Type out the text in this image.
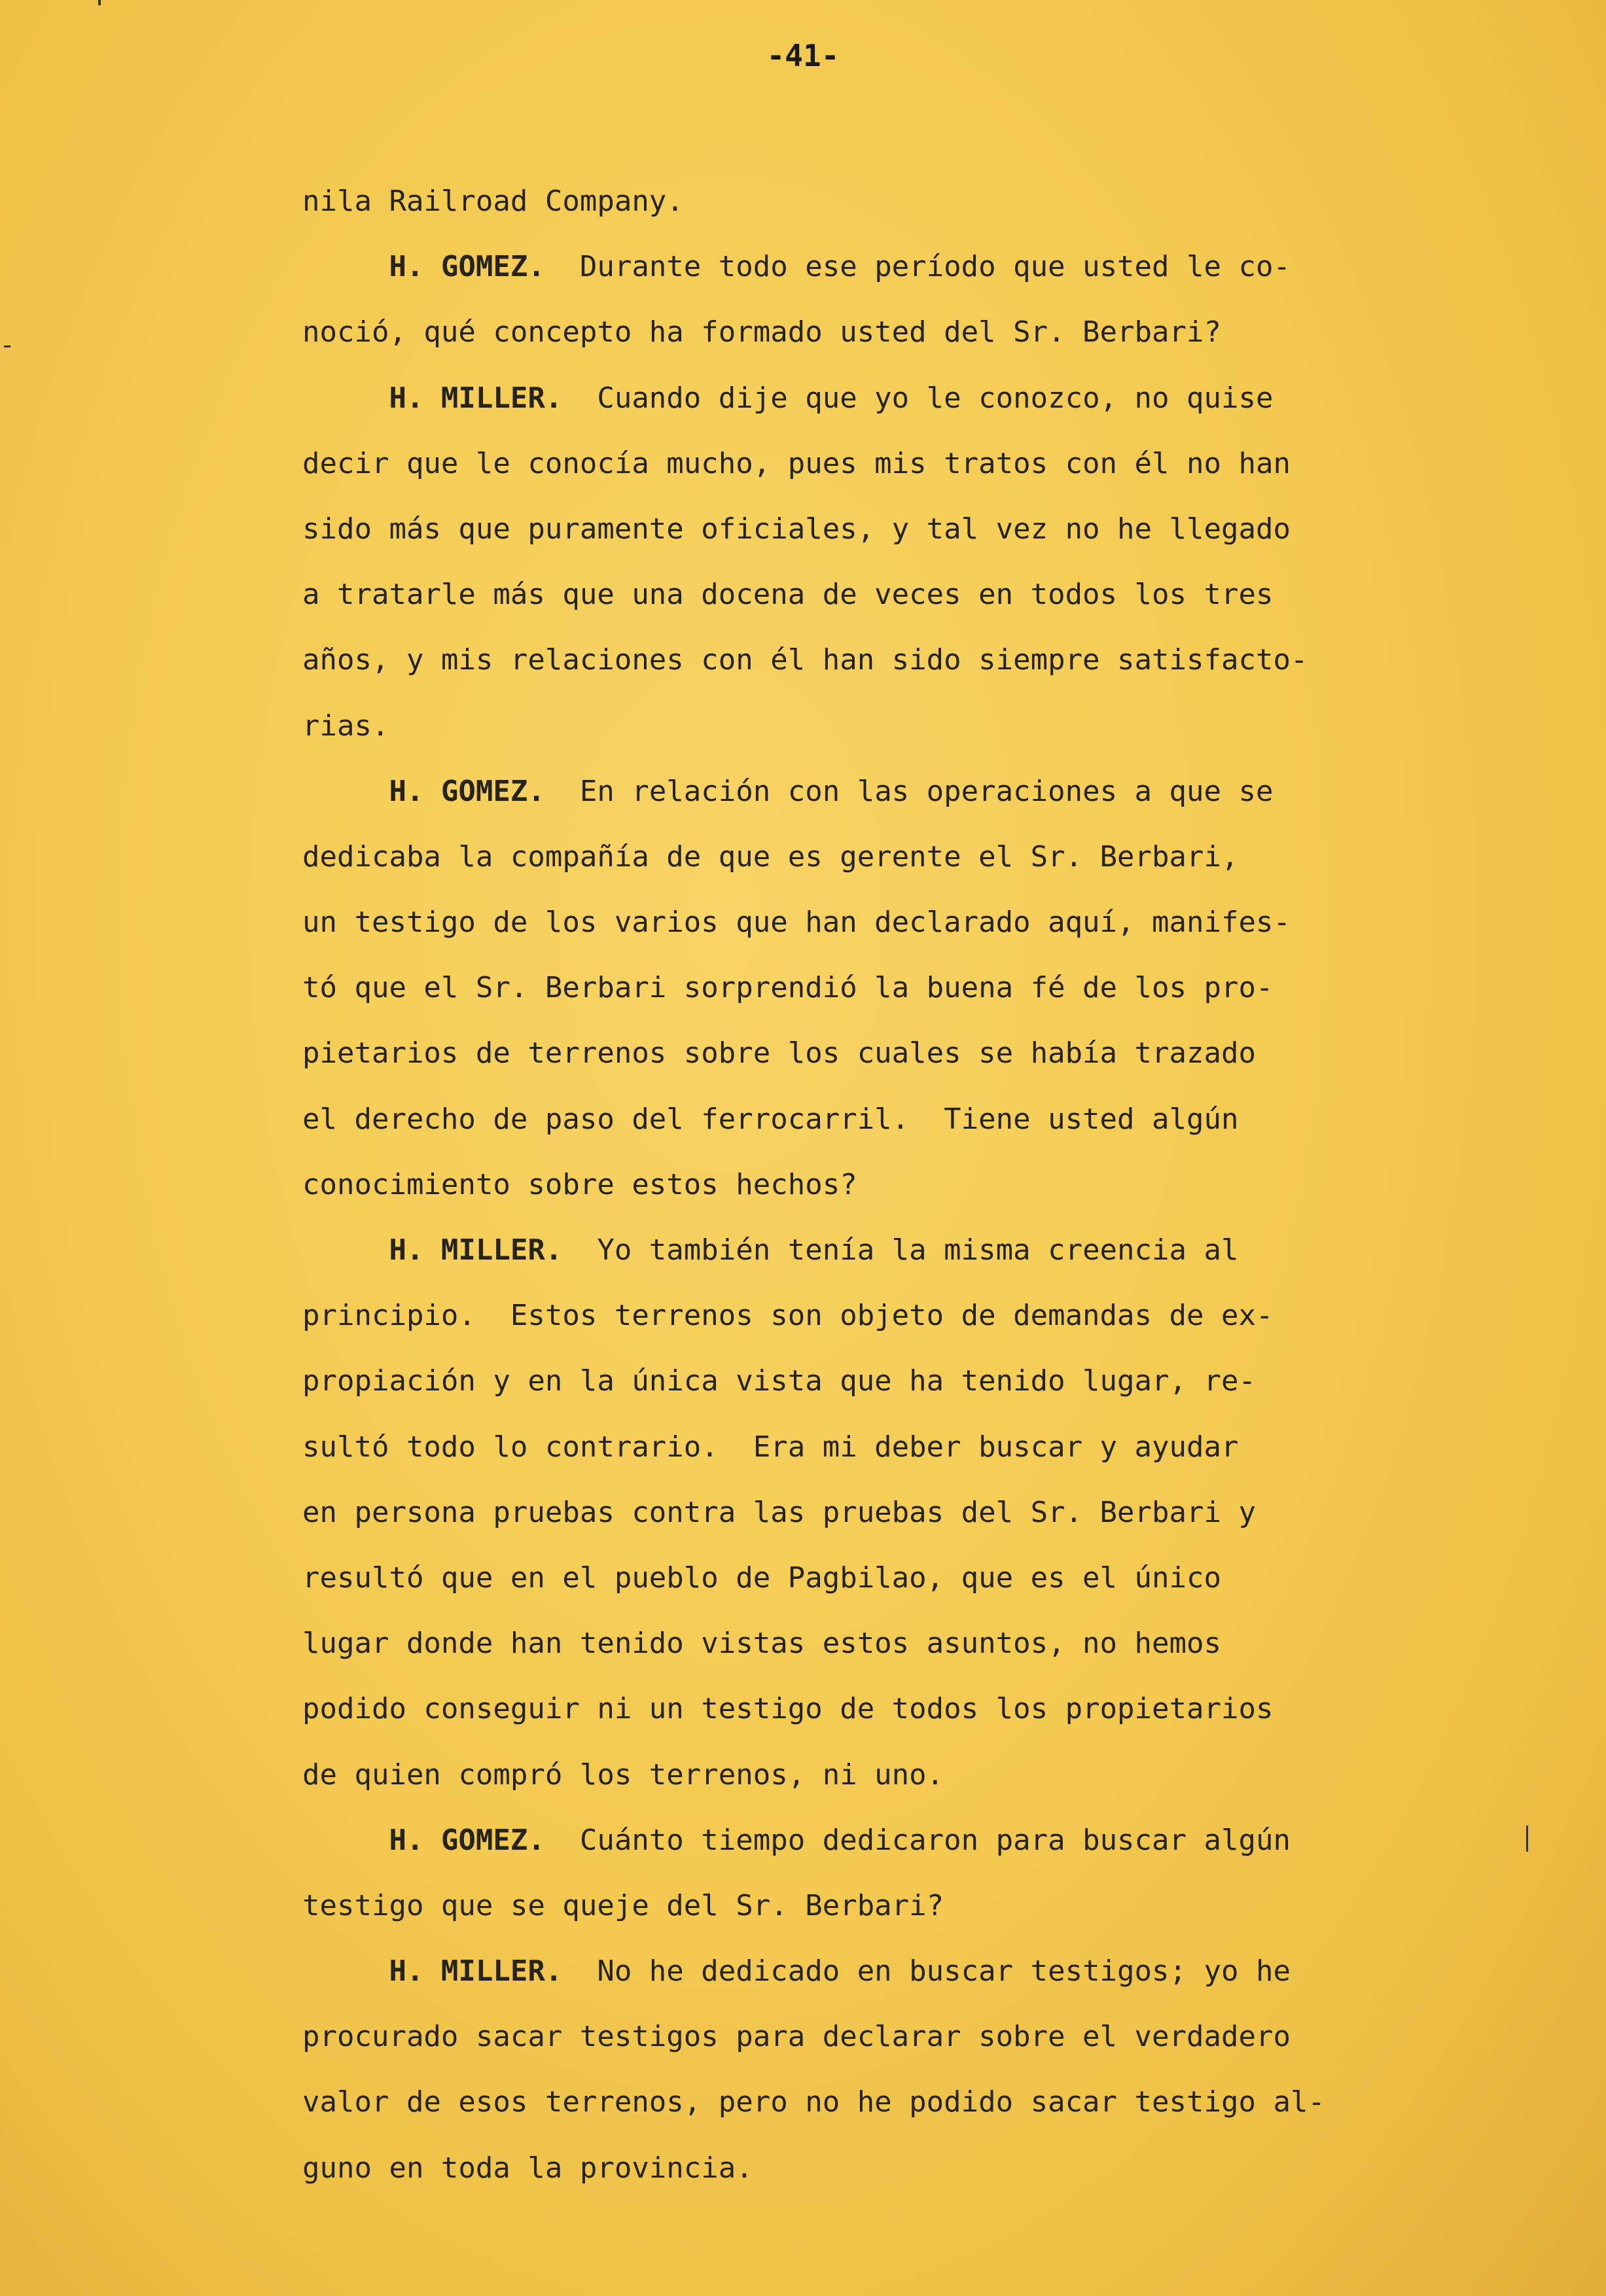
-41-
nila Railroad Company.
H. GOMEZ.  Durante todo ese período que usted le co-
noció, qué concepto ha formado usted del Sr. Berbari?
H. MILLER.  Cuando dije que yo le conozco, no quise
decir que le conocía mucho, pues mis tratos con él no han
sido más que puramente oficiales, y tal vez no he llegado
a tratarle más que una docena de veces en todos los tres
años, y mis relaciones con él han sido siempre satisfacto-
rias.
H. GOMEZ.  En relación con las operaciones a que se
dedicaba la compañía de que es gerente el Sr. Berbari,
un testigo de los varios que han declarado aquí, manifes-
tó que el Sr. Berbari sorprendió la buena fé de los pro-
pietarios de terrenos sobre los cuales se había trazado
el derecho de paso del ferrocarril.  Tiene usted algún
conocimiento sobre estos hechos?
H. MILLER.  Yo también tenía la misma creencia al
principio.  Estos terrenos son objeto de demandas de ex-
propiación y en la única vista que ha tenido lugar, re-
sultó todo lo contrario.  Era mi deber buscar y ayudar
en persona pruebas contra las pruebas del Sr. Berbari y
resultó que en el pueblo de Pagbilao, que es el único
lugar donde han tenido vistas estos asuntos, no hemos
podido conseguir ni un testigo de todos los propietarios
de quien compró los terrenos, ni uno.
H. GOMEZ.  Cuánto tiempo dedicaron para buscar algún
testigo que se queje del Sr. Berbari?
H. MILLER.  No he dedicado en buscar testigos; yo he
procurado sacar testigos para declarar sobre el verdadero
valor de esos terrenos, pero no he podido sacar testigo al-
guno en toda la provincia.
